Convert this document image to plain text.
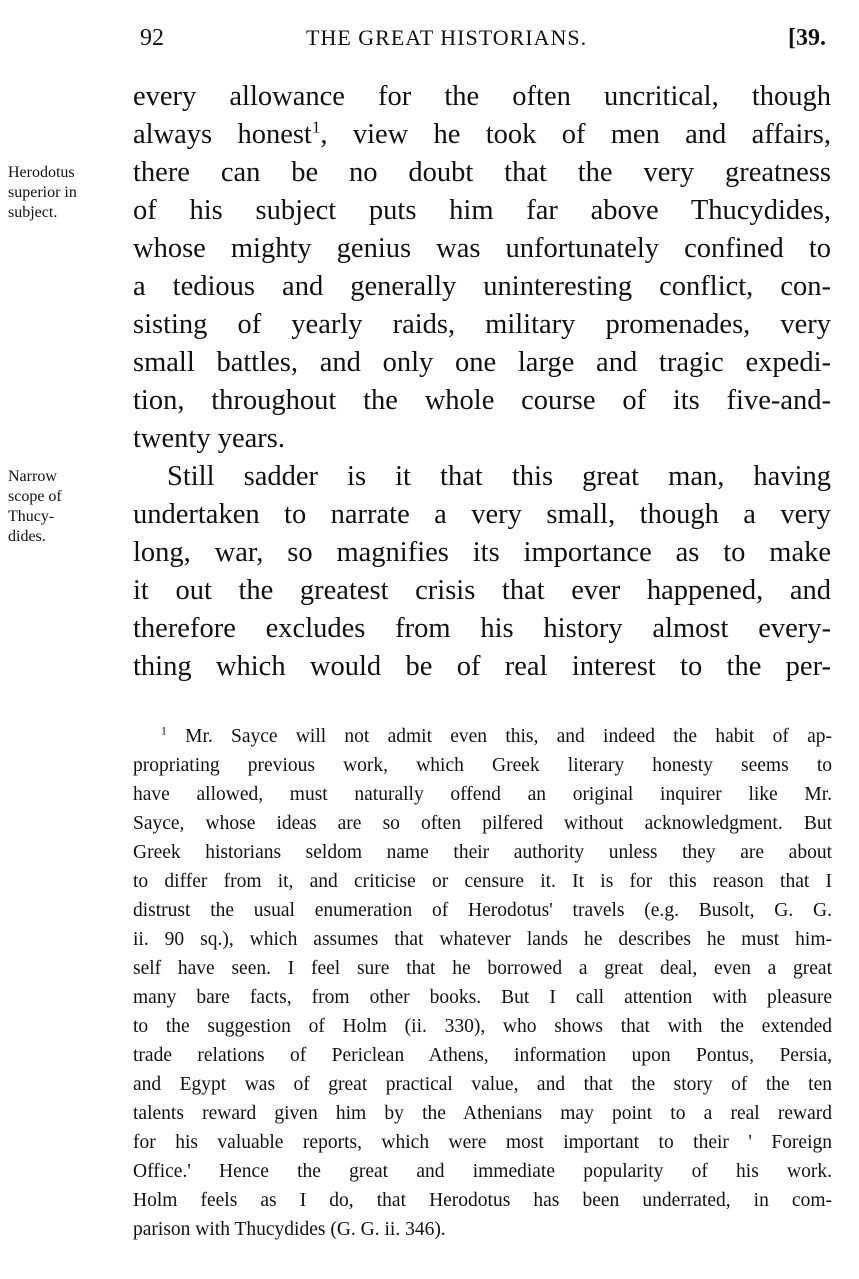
92	THE GREAT HISTORIANS.	[39.
Herodotus
superior in
subject.
Narrow
scope of
Thucy-
dides.
every allowance for the often uncritical, though
always honest$^1$, view he took of men and affairs,
there can be no doubt that the very greatness
of his subject puts him far above Thucydides,
whose mighty genius was unfortunately confined to
a tedious and generally uninteresting conflict, con-
sisting of yearly raids, military promenades, very
small battles, and only one large and tragic expedi-
tion, throughout the whole course of its five-and-
twenty years.
Still sadder is it that this great man, having
undertaken to narrate a very small, though a very
long, war, so magnifies its importance as to make
it out the greatest crisis that ever happened, and
therefore excludes from his history almost every-
thing which would be of real interest to the per-
$^1$ Mr. Sayce will not admit even this, and indeed the habit of ap-
propriating previous work, which Greek literary honesty seems to
have allowed, must naturally offend an original inquirer like Mr.
Sayce, whose ideas are so often pilfered without acknowledgment. But
Greek historians seldom name their authority unless they are about
to differ from it, and criticise or censure it. It is for this reason that I
distrust the usual enumeration of Herodotus' travels (e.g. Busolt, G. G.
ii. 90 sq.), which assumes that whatever lands he describes he must him-
self have seen. I feel sure that he borrowed a great deal, even a great
many bare facts, from other books. But I call attention with pleasure
to the suggestion of Holm (ii. 330), who shows that with the extended
trade relations of Periclean Athens, information upon Pontus, Persia,
and Egypt was of great practical value, and that the story of the ten
talents reward given him by the Athenians may point to a real reward
for his valuable reports, which were most important to their ' Foreign
Office.' Hence the great and immediate popularity of his work.
Holm feels as I do, that Herodotus has been underrated, in com-
parison with Thucydides (G. G. ii. 346).
